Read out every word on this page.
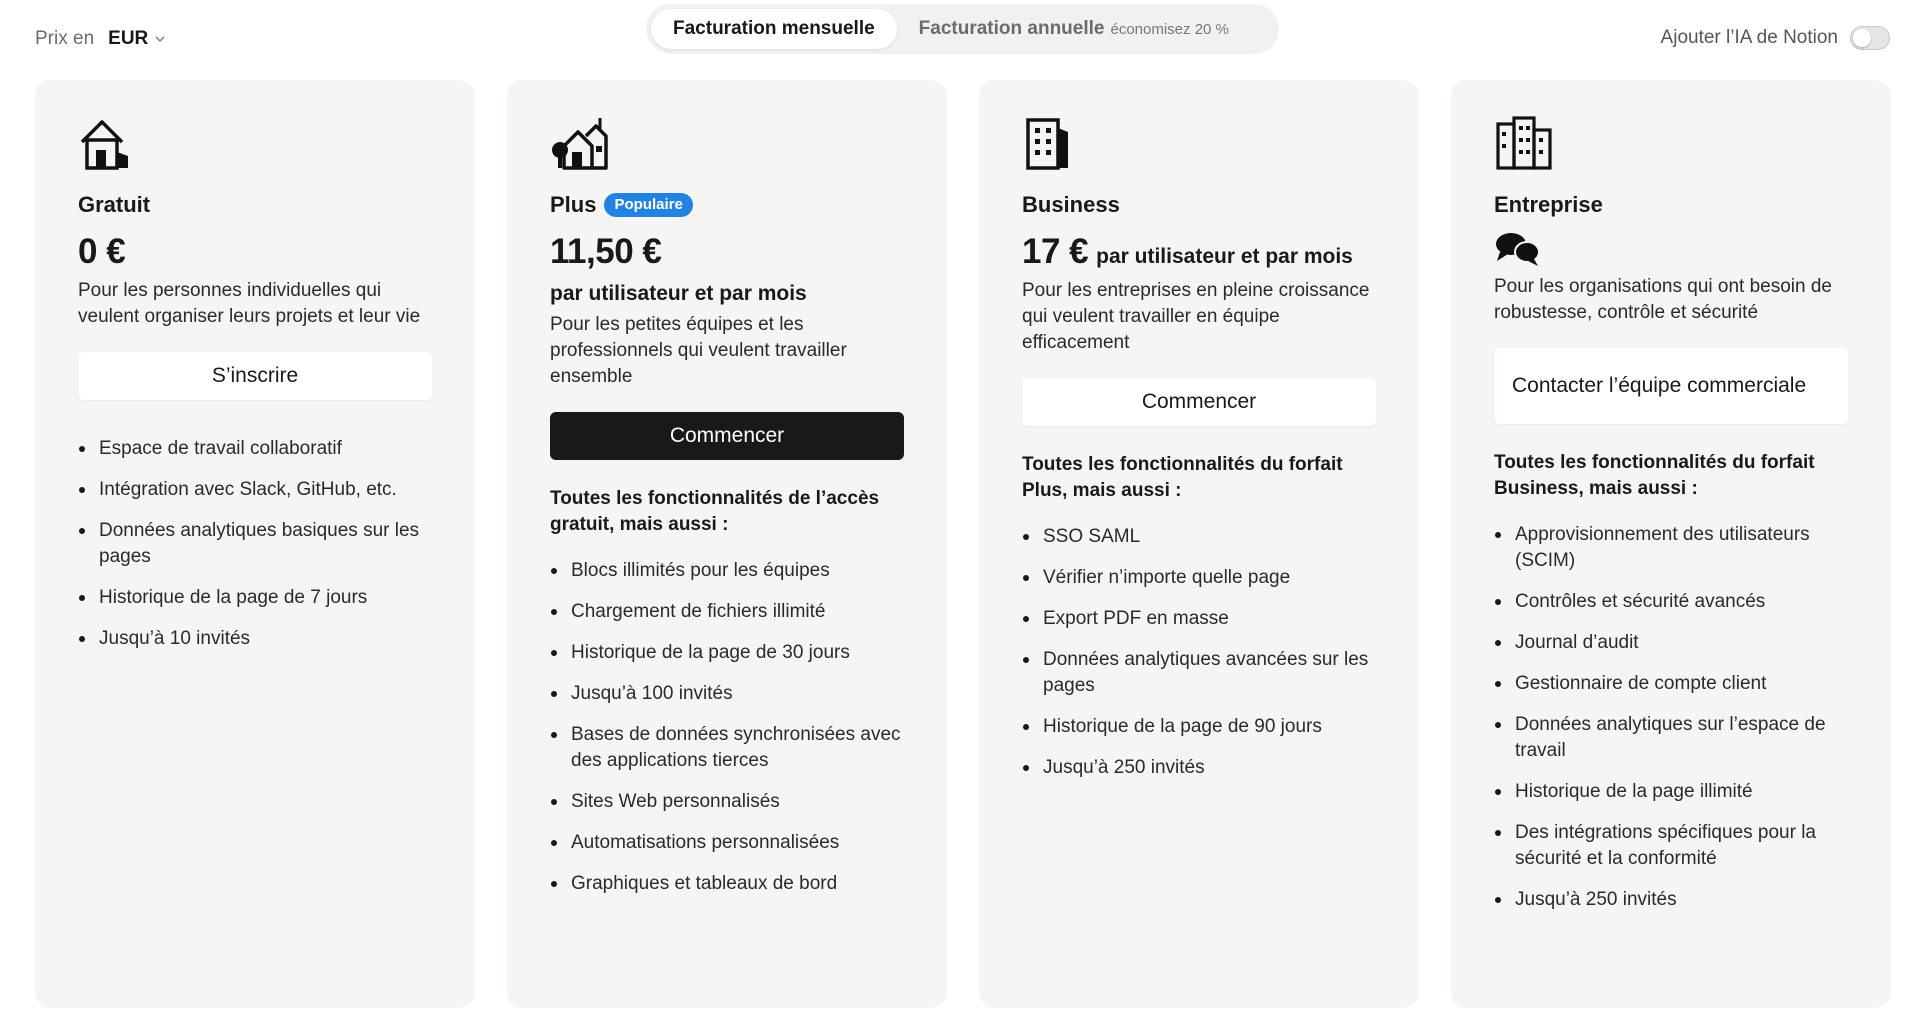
Prix en EUR	Facturation mensuelle Facturation annuelle économisez 20 %	Ajouter l’IA de Notion
Gratuit
0 €

Pour les personnes individuelles qui veulent organiser leurs projets et leur vie

S’inscrire
Espace de travail collaboratif
Intégration avec Slack, GitHub, etc.
Données analytiques basiques sur les pages
Historique de la page de 7 jours
Jusqu’à 10 invités
Plus	Populaire
11,50 €
par utilisateur et par mois

Pour les petites équipes et les professionnels qui veulent travailler ensemble

Commencer
Toutes les fonctionnalités de l’accès gratuit, mais aussi :
Blocs illimités pour les équipes
Chargement de fichiers illimité
Historique de la page de 30 jours
Jusqu’à 100 invités
Bases de données synchronisées avec des applications tierces
Sites Web personnalisés
Automatisations personnalisées
Graphiques et tableaux de bord
Business
17 € par utilisateur et par mois

Pour les entreprises en pleine croissance qui veulent travailler en équipe efficacement

Commencer
Toutes les fonctionnalités du forfait Plus, mais aussi :
SSO SAML
Vérifier n’importe quelle page
Export PDF en masse
Données analytiques avancées sur les pages
Historique de la page de 90 jours
Jusqu’à 250 invités
Entreprise

Pour les organisations qui ont besoin de robustesse, contrôle et sécurité

Contacter l’équipe commerciale
Toutes les fonctionnalités du forfait Business, mais aussi :
Approvisionnement des utilisateurs (SCIM)
Contrôles et sécurité avancés
Journal d’audit
Gestionnaire de compte client
Données analytiques sur l’espace de travail
Historique de la page illimité
Des intégrations spécifiques pour la sécurité et la conformité
Jusqu’à 250 invités
